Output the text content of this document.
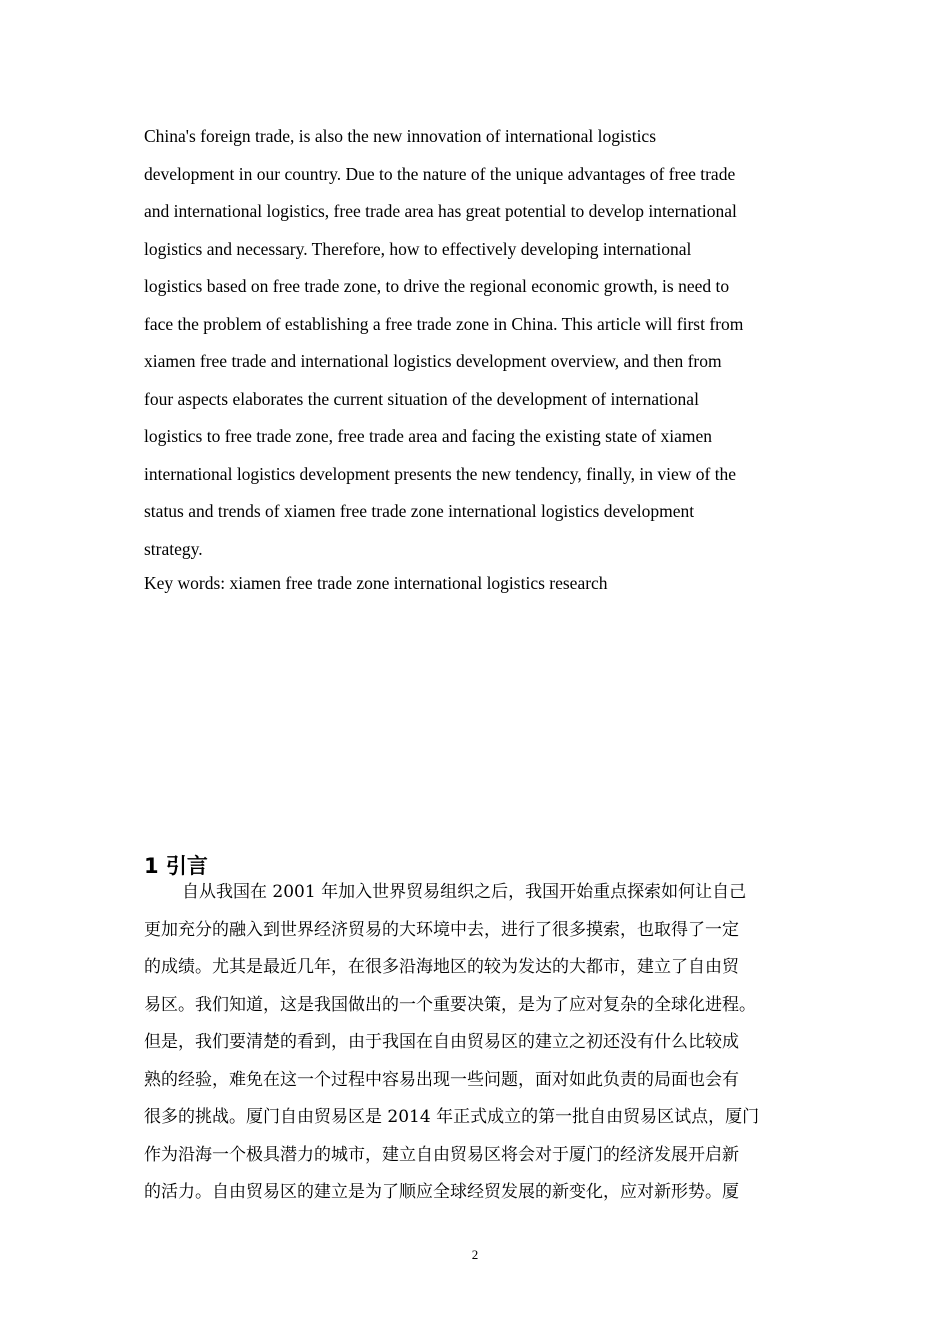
China's foreign trade, is also the new innovation of international logistics
development in our country. Due to the nature of the unique advantages of free trade
and international logistics, free trade area has great potential to develop international
logistics and necessary. Therefore, how to effectively developing international
logistics based on free trade zone, to drive the regional economic growth, is need to
face the problem of establishing a free trade zone in China. This article will first from
xiamen free trade and international logistics development overview, and then from
four aspects elaborates the current situation of the development of international
logistics to free trade zone, free trade area and facing the existing state of xiamen
international logistics development presents the new tendency, finally, in view of the
status and trends of xiamen free trade zone international logistics development
strategy.
Key words: xiamen free trade zone international logistics research
1 引言
自从我国在 2001 年加入世界贸易组织之后，我国开始重点探索如何让自己
更加充分的融入到世界经济贸易的大环境中去，进行了很多摸索，也取得了一定
的成绩。尤其是最近几年，在很多沿海地区的较为发达的大都市，建立了自由贸
易区。我们知道，这是我国做出的一个重要决策，是为了应对复杂的全球化进程。
但是，我们要清楚的看到，由于我国在自由贸易区的建立之初还没有什么比较成
熟的经验，难免在这一个过程中容易出现一些问题，面对如此负责的局面也会有
很多的挑战。厦门自由贸易区是 2014 年正式成立的第一批自由贸易区试点，厦门
作为沿海一个极具潜力的城市，建立自由贸易区将会对于厦门的经济发展开启新
的活力。自由贸易区的建立是为了顺应全球经贸发展的新变化，应对新形势。厦
2
